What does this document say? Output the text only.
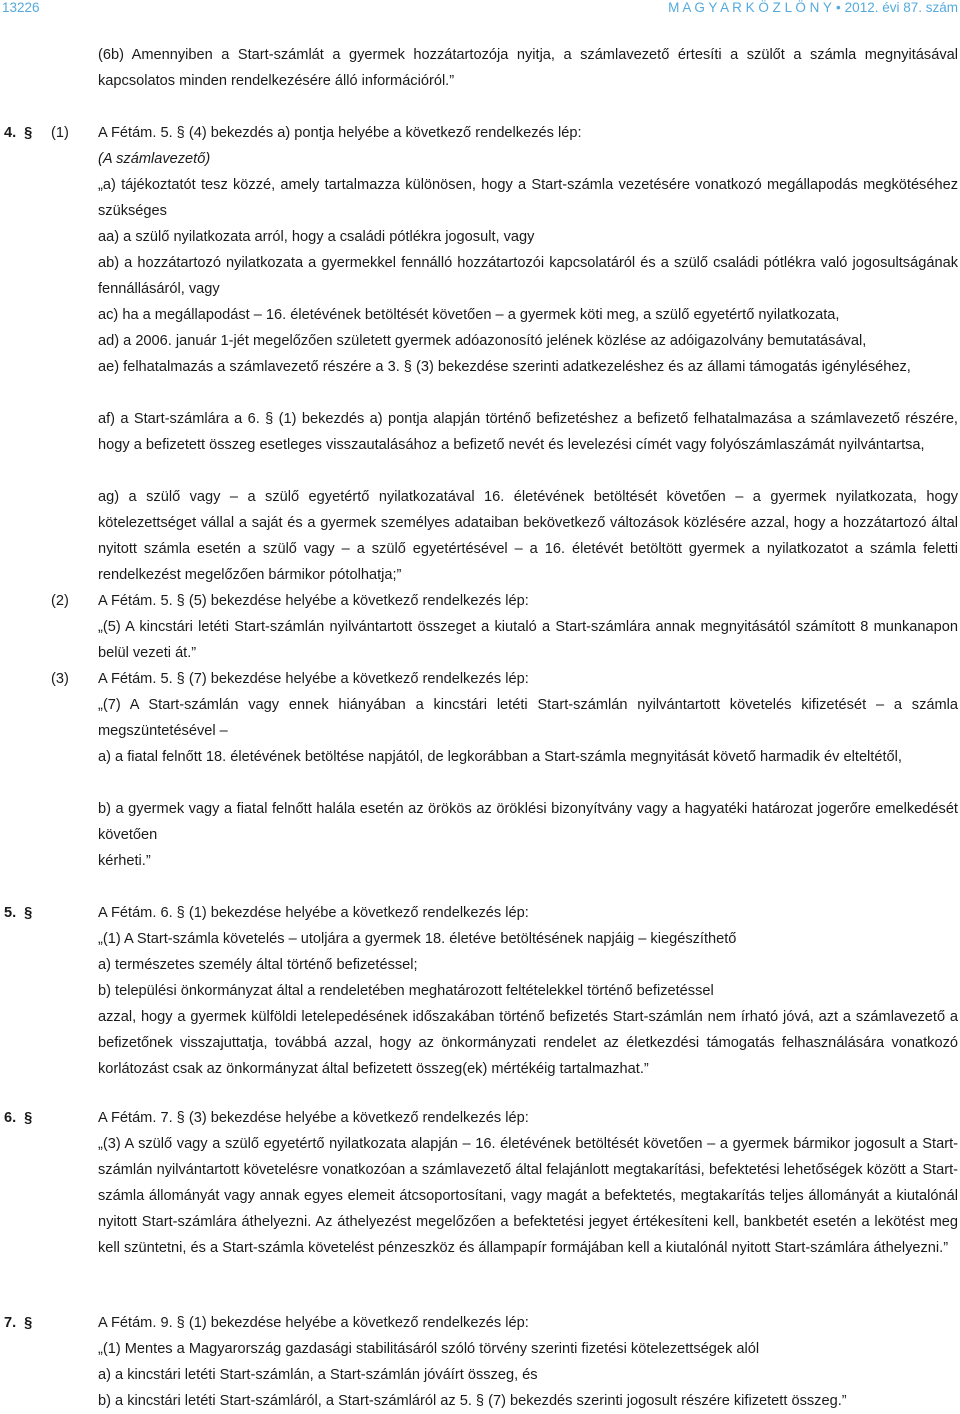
13226	M A G Y A R K Ö Z L Ö N Y • 2012. évi 87. szám
(6b) Amennyiben a Start-számlát a gyermek hozzátartozója nyitja, a számlavezető értesíti a szülőt a számla megnyitásával kapcsolatos minden rendelkezésére álló információról.”
4. § (1) A Fétám. 5. § (4) bekezdés a) pontja helyébe a következő rendelkezés lép:
(A számlavezető)
„a) tájékoztatót tesz közzé, amely tartalmazza különösen, hogy a Start-számla vezetésére vonatkozó megállapodás megkötéséhez szükséges
aa) a szülő nyilatkozata arról, hogy a családi pótlékra jogosult, vagy
ab) a hozzátartozó nyilatkozata a gyermekkel fennálló hozzátartozói kapcsolatáról és a szülő családi pótlékra való jogosultságának fennállásáról, vagy
ac) ha a megállapodást – 16. életévének betöltését követően – a gyermek köti meg, a szülő egyetértő nyilatkozata,
ad) a 2006. január 1-jét megelőzően született gyermek adóazonosító jelének közlése az adóigazolvány bemutatásával,
ae) felhatalmazás a számlavezető részére a 3. § (3) bekezdése szerinti adatkezeléshez és az állami támogatás igényléséhez,
af) a Start-számlára a 6. § (1) bekezdés a) pontja alapján történő befizetéshez a befizető felhatalmazása a számlavezető részére, hogy a befizetett összeg esetleges visszautalásához a befizető nevét és levelezési címét vagy folyószámlaszámát nyilvántartsa,
ag) a szülő vagy – a szülő egyetértő nyilatkozatával 16. életévének betöltését követően – a gyermek nyilatkozata, hogy kötelezettséget vállal a saját és a gyermek személyes adataiban bekövetkező változások közlésére azzal, hogy a hozzátartozó által nyitott számla esetén a szülő vagy – a szülő egyetértésével – a 16. életévét betöltött gyermek a nyilatkozatot a számla feletti rendelkezést megelőzően bármikor pótolhatja;”
(2) A Fétám. 5. § (5) bekezdése helyébe a következő rendelkezés lép:
„(5) A kincstári letéti Start-számlán nyilvántartott összeget a kiutaló a Start-számlára annak megnyitásától számított 8 munkanapon belül vezeti át.”
(3) A Fétám. 5. § (7) bekezdése helyébe a következő rendelkezés lép:
„(7) A Start-számlán vagy ennek hiányában a kincstári letéti Start-számlán nyilvántartott követelés kifizetését – a számla megszüntetésével –
a) a fiatal felnőtt 18. életévének betöltése napjától, de legkorábban a Start-számla megnyitását követő harmadik év elteltétől,
b) a gyermek vagy a fiatal felnőtt halála esetén az örökös az öröklési bizonyítvány vagy a hagyatéki határozat jogerőre emelkedését követően
kérheti.”
5. §	A Fétám. 6. § (1) bekezdése helyébe a következő rendelkezés lép:
„(1) A Start-számla követelés – utoljára a gyermek 18. életéve betöltésének napjáig – kiegészíthető
a) természetes személy által történő befizetéssel;
b) települési önkormányzat által a rendeletében meghatározott feltételekkel történő befizetéssel
azzal, hogy a gyermek külföldi letelepedésének időszakában történő befizetés Start-számlán nem írható jóvá, azt a számlavezető a befizetőnek visszajuttatja, továbbá azzal, hogy az önkormányzati rendelet az életkezdési támogatás felhasználására vonatkozó korlátozást csak az önkormányzat által befizetett összeg(ek) mértékéig tartalmazhat.”
6. §	A Fétám. 7. § (3) bekezdése helyébe a következő rendelkezés lép:
„(3) A szülő vagy a szülő egyetértő nyilatkozata alapján – 16. életévének betöltését követően – a gyermek bármikor jogosult a Start-számlán nyilvántartott követelésre vonatkozóan a számlavezető által felajánlott megtakarítási, befektetési lehetőségek között a Start-számla állományát vagy annak egyes elemeit átcsoportosítani, vagy magát a befektetés, megtakarítás teljes állományát a kiutalónál nyitott Start-számlára áthelyezni. Az áthelyezést megelőzően a befektetési jegyet értékesíteni kell, bankbetét esetén a lekötést meg kell szüntetni, és a Start-számla követelést pénzeszköz és állampapír formájában kell a kiutalónál nyitott Start-számlára áthelyezni.”
7. §	A Fétám. 9. § (1) bekezdése helyébe a következő rendelkezés lép:
„(1) Mentes a Magyarország gazdasági stabilitásáról szóló törvény szerinti fizetési kötelezettségek alól
a) a kincstári letéti Start-számlán, a Start-számlán jóváírt összeg, és
b) a kincstári letéti Start-számláról, a Start-számláról az 5. § (7) bekezdés szerinti jogosult részére kifizetett összeg.”
